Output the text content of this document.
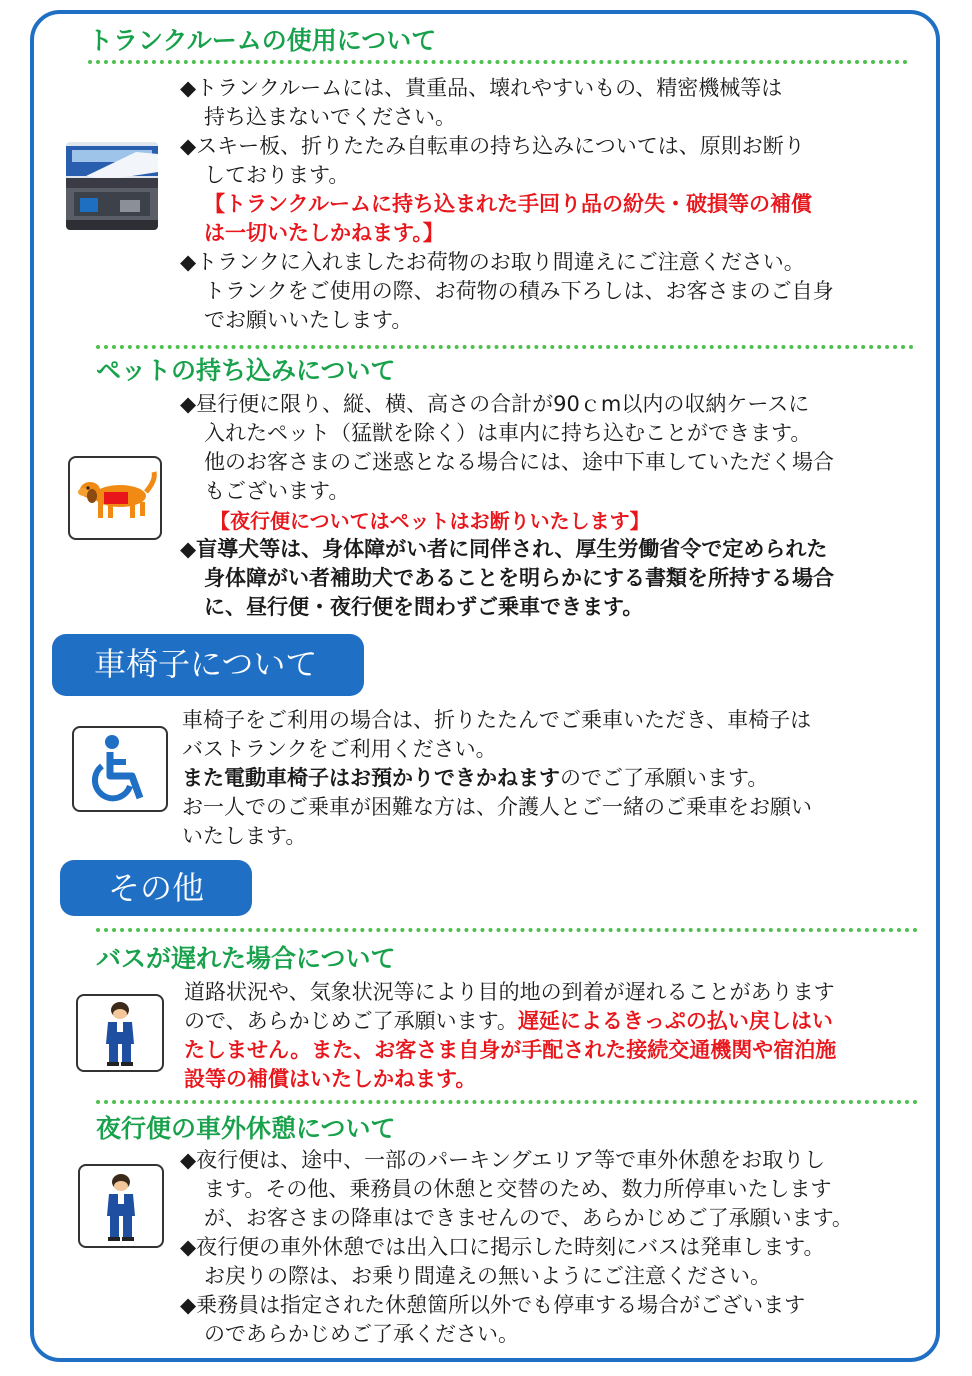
トランクルームの使用について
◆トランクルームには、貴重品、壊れやすいもの、精密機械等は
持ち込まないでください。
◆スキー板、折りたたみ自転車の持ち込みについては、原則お断り
しております。
【トランクルームに持ち込まれた手回り品の紛失・破損等の補償
は一切いたしかねます。】
◆トランクに入れましたお荷物のお取り間違えにご注意ください。
トランクをご使用の際、お荷物の積み下ろしは、お客さまのご自身
でお願いいたします。
ペットの持ち込みについて
◆昼行便に限り、縦、横、高さの合計が90ｃm以内の収納ケースに
入れたペット（猛獣を除く）は車内に持ち込むことができます。
他のお客さまのご迷惑となる場合には、途中下車していただく場合
もございます。
【夜行便についてはペットはお断りいたします】
◆盲導犬等は、身体障がい者に同伴され、厚生労働省令で定められた
身体障がい者補助犬であることを明らかにする書類を所持する場合
に、昼行便・夜行便を問わずご乗車できます。
車椅子について
車椅子をご利用の場合は、折りたたんでご乗車いただき、車椅子は
バストランクをご利用ください。
また電動車椅子はお預かりできかねますのでご了承願います。
お一人でのご乗車が困難な方は、介護人とご一緒のご乗車をお願い
いたします。
その他
バスが遅れた場合について
道路状況や、気象状況等により目的地の到着が遅れることがあります
ので、あらかじめご了承願います。遅延によるきっぷの払い戻しはい
たしません。また、お客さま自身が手配された接続交通機関や宿泊施
設等の補償はいたしかねます。
夜行便の車外休憩について
◆夜行便は、途中、一部のパーキングエリア等で車外休憩をお取りし
ます。その他、乗務員の休憩と交替のため、数力所停車いたします
が、お客さまの降車はできませんので、あらかじめご了承願います。
◆夜行便の車外休憩では出入口に掲示した時刻にバスは発車します。
お戻りの際は、お乗り間違えの無いようにご注意ください。
◆乗務員は指定された休憩箇所以外でも停車する場合がございます
のであらかじめご了承ください。
